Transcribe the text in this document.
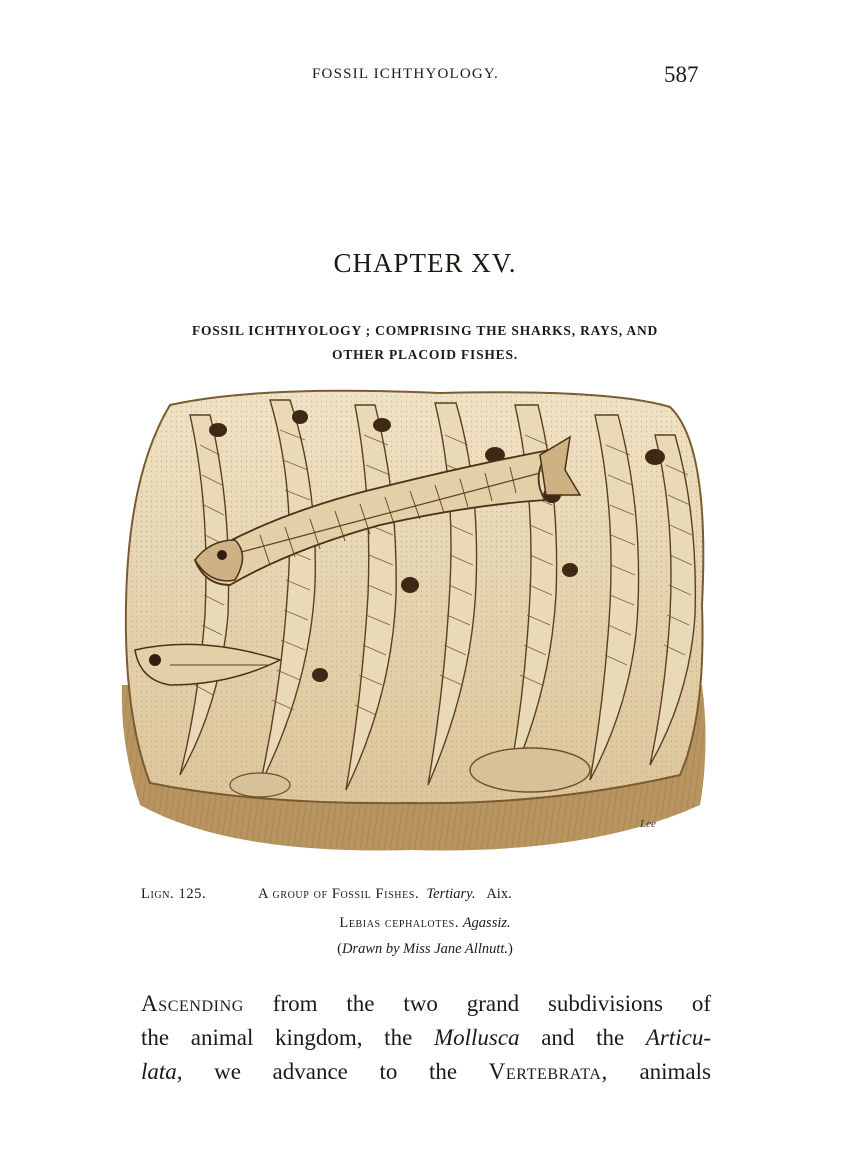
FOSSIL ICHTHYOLOGY.	587
CHAPTER XV.
FOSSIL ICHTHYOLOGY ; COMPRISING THE SHARKS, RAYS, AND
OTHER PLACOID FISHES.
Lee
Lign. 125.	A group of Fossil Fishes. Tertiary. Aix.
Lebias cephalotes. Agassiz.
(Drawn by Miss Jane Allnutt.)
Ascending from the two grand subdivisions of
the animal kingdom, the Mollusca and the Articu-
lata, we advance to the Vertebrata, animals
